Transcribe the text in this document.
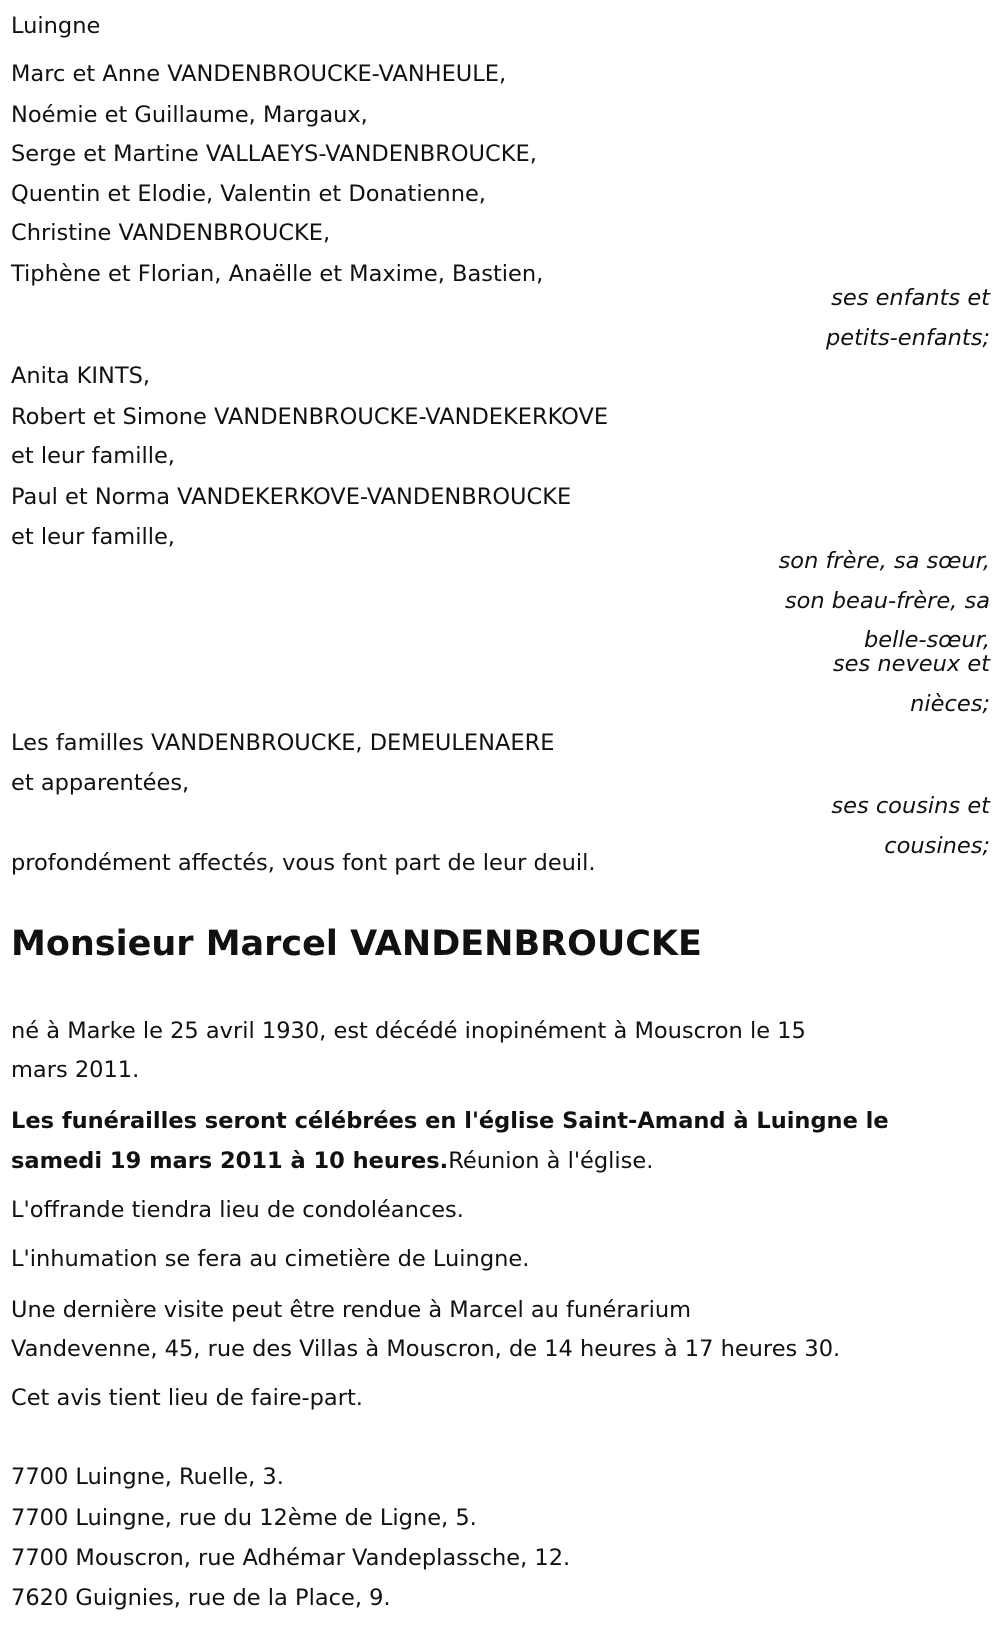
Luingne
Marc et Anne VANDENBROUCKE-VANHEULE,
Noémie et Guillaume, Margaux,
Serge et Martine VALLAEYS-VANDENBROUCKE,
Quentin et Elodie, Valentin et Donatienne,
Christine VANDENBROUCKE,
Tiphène et Florian, Anaëlle et Maxime, Bastien,
ses enfants et
petits-enfants;
Anita KINTS,
Robert et Simone VANDENBROUCKE-VANDEKERKOVE
et leur famille,
Paul et Norma VANDEKERKOVE-VANDENBROUCKE
et leur famille,
son frère, sa sœur,
son beau-frère, sa
belle-sœur,
ses neveux et
nièces;
Les familles VANDENBROUCKE, DEMEULENAERE
et apparentées,
ses cousins et
cousines;
profondément affectés, vous font part de leur deuil.
Monsieur Marcel VANDENBROUCKE
né à Marke le 25 avril 1930, est décédé inopinément à Mouscron le 15
mars 2011.
Les funérailles seront célébrées en l'église Saint-Amand à Luingne le
samedi 19 mars 2011 à 10 heures.Réunion à l'église.
L'offrande tiendra lieu de condoléances.
L'inhumation se fera au cimetière de Luingne.
Une dernière visite peut être rendue à Marcel au funérarium
Vandevenne, 45, rue des Villas à Mouscron, de 14 heures à 17 heures 30.
Cet avis tient lieu de faire-part.
7700 Luingne, Ruelle, 3.
7700 Luingne, rue du 12ème de Ligne, 5.
7700 Mouscron, rue Adhémar Vandeplassche, 12.
7620 Guignies, rue de la Place, 9.
